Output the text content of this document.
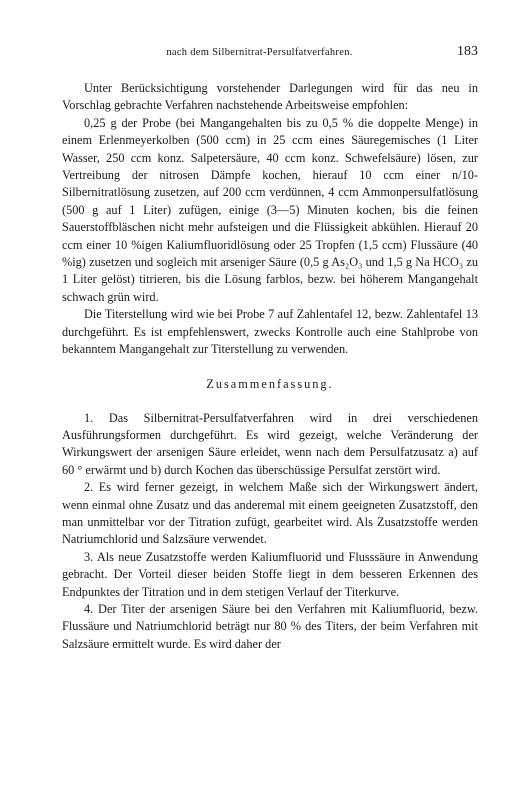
nach dem Silbernitrat-Persulfatverfahren.	183

Unter Berücksichtigung vorstehender Darlegungen wird für das neu in Vorschlag gebrachte Verfahren nachstehende Arbeitsweise empfohlen:

0,25 g der Probe (bei Mangangehalten bis zu 0,5 % die doppelte Menge) in einem Erlenmeyerkolben (500 ccm) in 25 ccm eines Säuregemisches (1 Liter Wasser, 250 ccm konz. Salpetersäure, 40 ccm konz. Schwefelsäure) lösen, zur Vertreibung der nitrosen Dämpfe kochen, hierauf 10 ccm einer n/10-Silbernitratlösung zusetzen, auf 200 ccm verdünnen, 4 ccm Ammonpersulfatlösung (500 g auf 1 Liter) zufügen, einige (3—5) Minuten kochen, bis die feinen Sauerstoffbläschen nicht mehr aufsteigen und die Flüssigkeit abkühlen. Hierauf 20 ccm einer 10 %igen Kaliumfluoridlösung oder 25 Tropfen (1,5 ccm) Flussäure (40 %ig) zusetzen und sogleich mit arseniger Säure (0,5 g As₂O₃ und 1,5 g Na HCO₃ zu 1 Liter gelöst) titrieren, bis die Lösung farblos, bezw. bei höherem Mangangehalt schwach grün wird.

Die Titerstellung wird wie bei Probe 7 auf Zahlentafel 12, bezw. Zahlentafel 13 durchgeführt. Es ist empfehlenswert, zwecks Kontrolle auch eine Stahlprobe von bekanntem Mangangehalt zur Titerstellung zu verwenden.

Zusammenfassung.

1. Das Silbernitrat-Persulfatverfahren wird in drei verschiedenen Ausführungsformen durchgeführt. Es wird gezeigt, welche Veränderung der Wirkungswert der arsenigen Säure erleidet, wenn nach dem Persulfatzusatz a) auf 60 ° erwärmt und b) durch Kochen das überschüssige Persulfat zerstört wird.

2. Es wird ferner gezeigt, in welchem Maße sich der Wirkungswert ändert, wenn einmal ohne Zusatz und das anderemal mit einem geeigneten Zusatzstoff, den man unmittelbar vor der Titration zufügt, gearbeitet wird. Als Zusatzstoffe werden Natriumchlorid und Salzsäure verwendet.

3. Als neue Zusatzstoffe werden Kaliumfluorid und Flusssäure in Anwendung gebracht. Der Vorteil dieser beiden Stoffe liegt in dem besseren Erkennen des Endpunktes der Titration und in dem stetigen Verlauf der Titerkurve.

4. Der Titer der arsenigen Säure bei den Verfahren mit Kaliumfluorid, bezw. Flussäure und Natriumchlorid beträgt nur 80 % des Titers, der beim Verfahren mit Salzsäure ermittelt wurde. Es wird daher der
